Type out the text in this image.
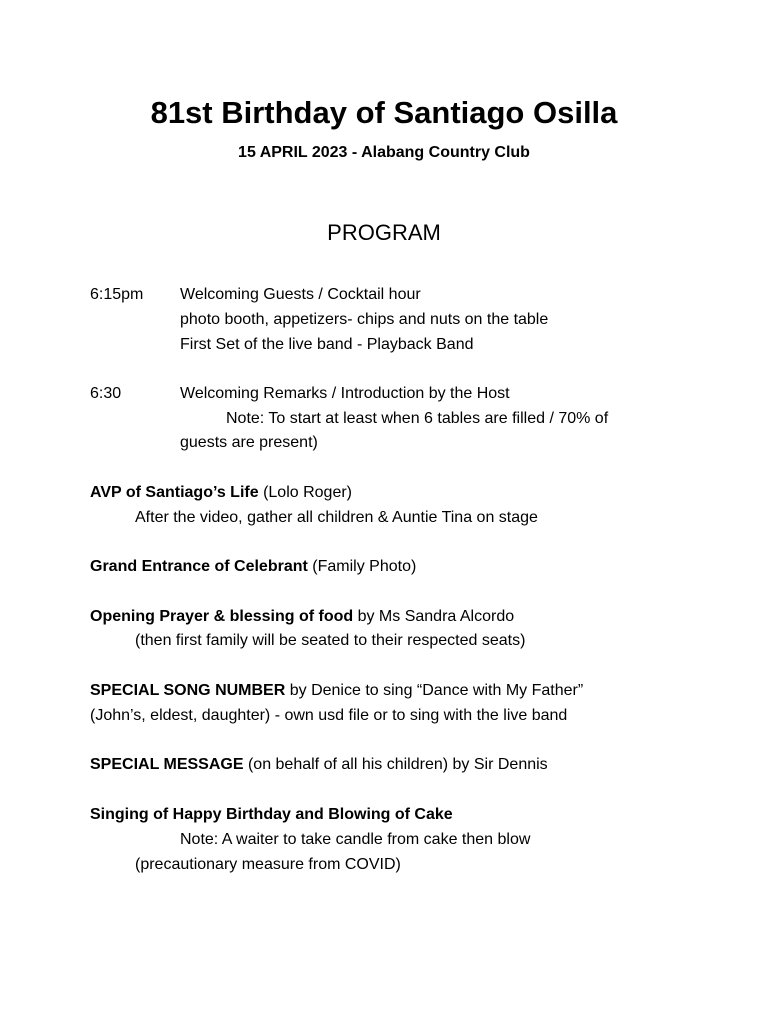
81st Birthday of Santiago Osilla
15 APRIL 2023 - Alabang Country Club
PROGRAM
6:15pm Welcoming Guests / Cocktail hour
photo booth, appetizers- chips and nuts on the table
First Set of the live band - Playback Band
6:30	Welcoming Remarks / Introduction by the Host
Note: To start at least when 6 tables are filled / 70% of
guests are present)
AVP of Santiago’s Life (Lolo Roger)
After the video, gather all children & Auntie Tina on stage
Grand Entrance of Celebrant (Family Photo)
Opening Prayer & blessing of food by Ms Sandra Alcordo
(then first family will be seated to their respected seats)
SPECIAL SONG NUMBER by Denice to sing “Dance with My Father”
(John’s, eldest, daughter) - own usd file or to sing with the live band
SPECIAL MESSAGE (on behalf of all his children) by Sir Dennis
Singing of Happy Birthday and Blowing of Cake
Note: A waiter to take candle from cake then blow
(precautionary measure from COVID)
